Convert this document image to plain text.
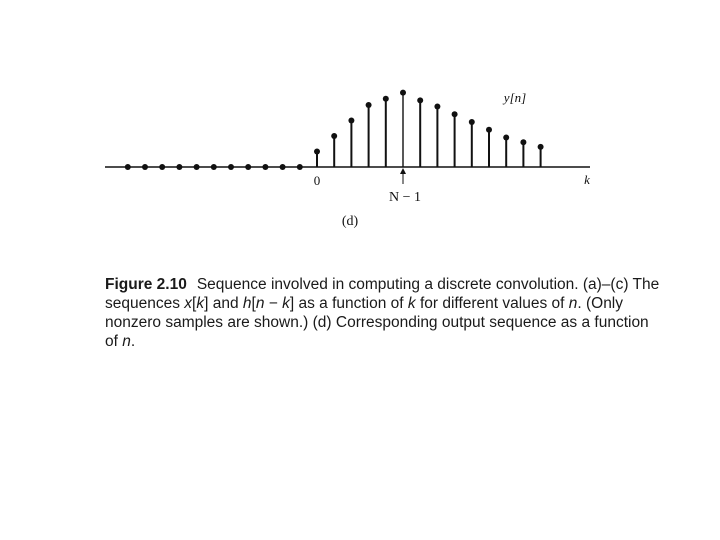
0
N − 1
k
y[n]
(d)
Figure 2.10 Sequence involved in computing a discrete convolution. (a)–(c) The sequences x[k] and h[n − k] as a function of k for different values of n. (Only nonzero samples are shown.) (d) Corresponding output sequence as a function of n.
